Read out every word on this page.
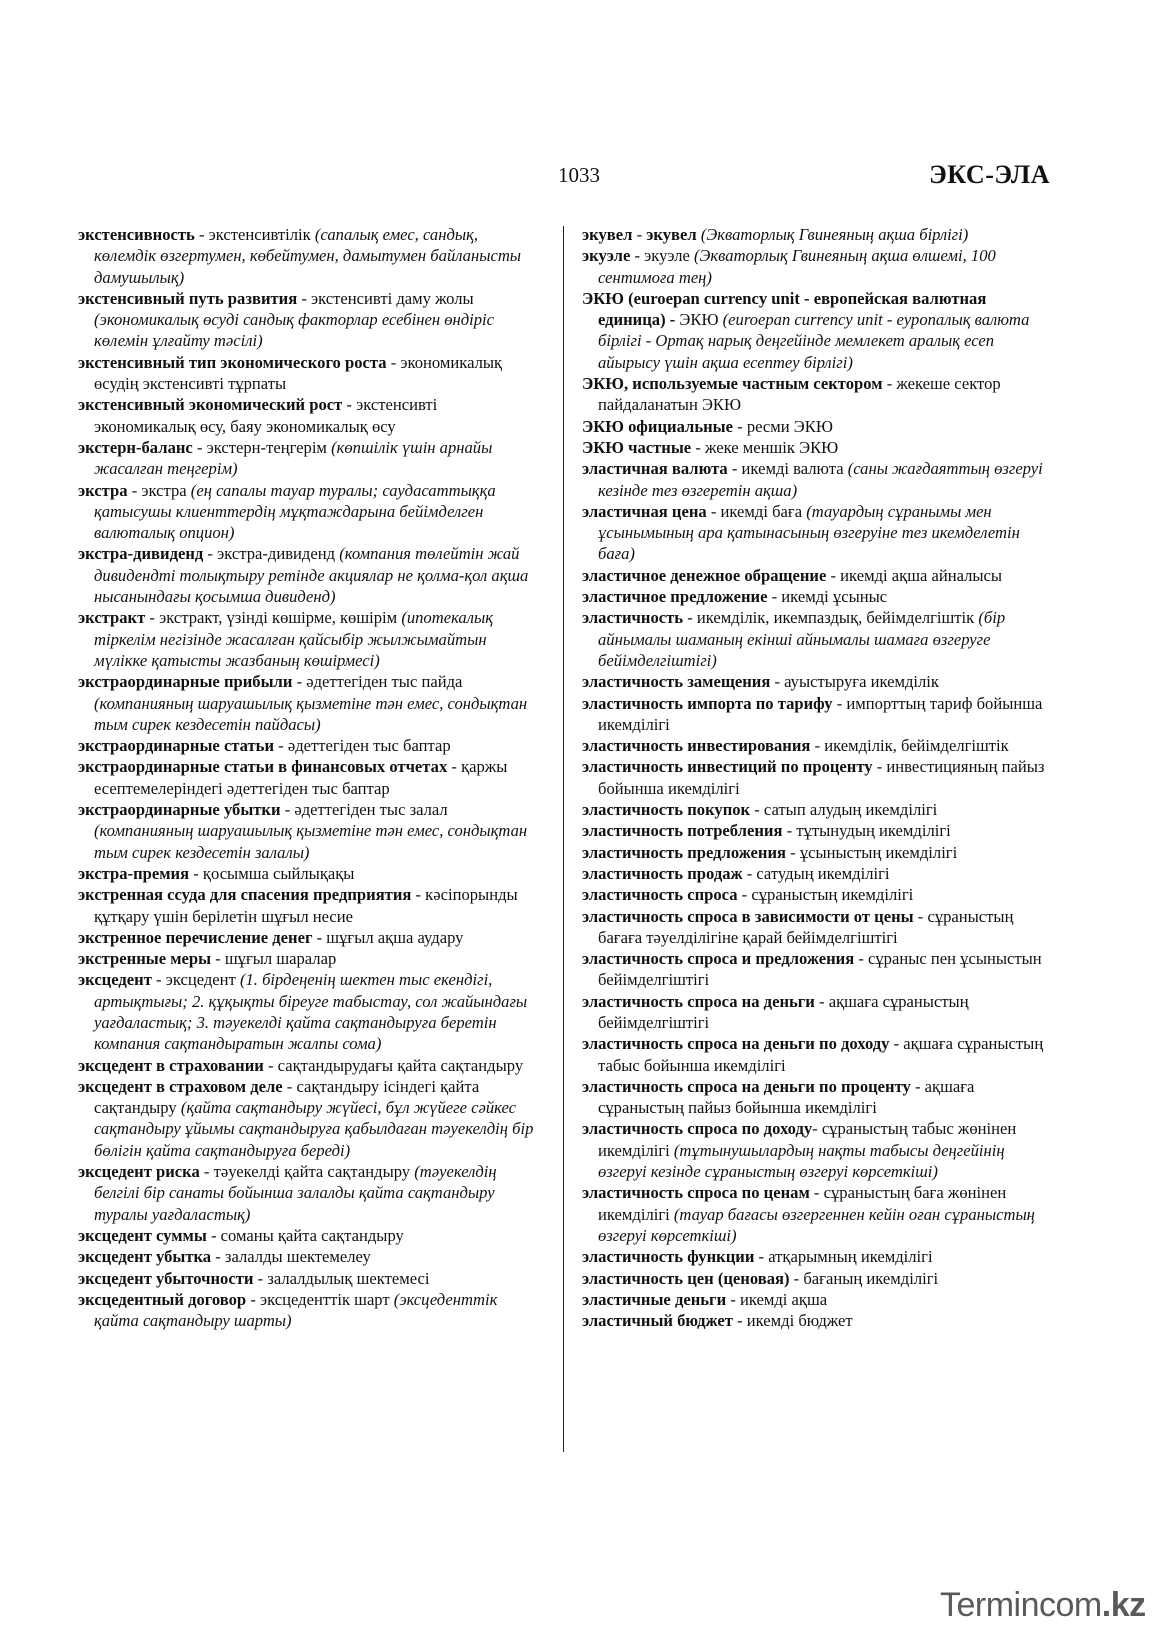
1033	ЭКС-ЭЛА

экстенсивность - экстенсивтілік (сапалық емес, сандық, көлемдік өзгертумен, көбейтумен, дамытумен байланысты дамушылық)

экстенсивный путь развития - экстенсивті даму жолы (экономикалық өсуді сандық факторлар есебінен өндіріс көлемін ұлғайту тәсілі)

экстенсивный тип экономического роста - экономикалық өсудің экстенсивті тұрпаты

экстенсивный экономический рост - экстенсивті экономикалық өсу, баяу экономикалық өсу

экстерн-баланс - экстерн-теңгерім (көпшілік үшін арнайы жасалған теңгерім)

экстра - экстра (ең сапалы тауар туралы; саудасаттыққа қатысушы клиенттердің мұқтаждарына бейімделген валюталық опцион)

экстра-дивиденд - экстра-дивиденд (компания төлейтін жай дивидендті толықтыру ретінде акциялар не қолма-қол ақша нысанындағы қосымша дивиденд)

экстракт - экстракт, үзінді көшірме, көшірім (ипотекалық тіркелім негізінде жасалған қайсыбір жылжымайтын мүлікке қатысты жазбаның көшірмесі)

экстраординарные прибыли - әдеттегіден тыс пайда (компанияның шаруашылық қызметіне тән емес, сондықтан тым сирек кездесетін пайдасы)

экстраординарные статьи - әдеттегіден тыс баптар

экстраординарные статьи в финансовых отчетах - қаржы есептемелеріндегі әдеттегіден тыс баптар

экстраординарные убытки - әдеттегіден тыс залал (компанияның шаруашылық қызметіне тән емес, сондықтан тым сирек кездесетін залалы)

экстра-премия - қосымша сыйлықақы

экстренная ссуда для спасения предприятия - кәсіпорынды құтқару үшін берілетін шұғыл несие

экстренное перечисление денег - шұғыл ақша аудару

экстренные меры - шұғыл шаралар

эксцедент - эксцедент (1. бірдеңенің шектен тыс екендігі, артықтығы; 2. құқықты біреуге табыстау, сол жайындағы уағдаластық; 3. тәуекелді қайта сақтандыруға беретін компания сақтандыратын жалпы сома)

эксцедент в страховании - сақтандырудағы қайта сақтандыру

эксцедент в страховом деле - сақтандыру ісіндегі қайта сақтандыру (қайта сақтандыру жүйесі, бұл жүйеге сәйкес сақтандыру ұйымы сақтандыруға қабылдаған тәуекелдің бір бөлігін қайта сақтандыруға береді)

эксцедент риска - тәуекелді қайта сақтандыру (тәуекелдің белгілі бір санаты бойынша залалды қайта сақтандыру туралы уағдаластық)

эксцедент суммы - соманы қайта сақтандыру

эксцедент убытка - залалды шектемелеу

эксцедент убыточности - залалдылық шектемесі

эксцедентный договор - эксцеденттік шарт (эксцеденттік қайта сақтандыру шарты)

экувел - экувел (Экваторлық Гвинеяның ақша бірлігі)

экуэле - экуэле (Экваторлық Гвинеяның ақша өлшемі, 100 сентимоға тең)

ЭКЮ (euroepan currency unit - европейская валютная единица) - ЭКЮ (euroepan currency unit - еуропалық валюта бірлігі - Ортақ нарық деңгейінде мемлекет аралық есеп айырысу үшін ақша есептеу бірлігі)

ЭКЮ, используемые частным сектором - жекеше сектор пайдаланатын ЭКЮ

ЭКЮ официальные - ресми ЭКЮ

ЭКЮ частные - жеке меншік ЭКЮ

эластичная валюта - икемді валюта (саны жағдаяттың өзгеруі кезінде тез өзгеретін ақша)

эластичная цена - икемді баға (тауардың сұранымы мен ұсынымының ара қатынасының өзгеруіне тез икемделетін баға)

эластичное денежное обращение - икемді ақша айналысы

эластичное предложение - икемді ұсыныс

эластичность - икемділік, икемпаздық, бейімделгіштік (бір айнымалы шаманың екінші айнымалы шамаға өзгеруге бейімделгіштігі)

эластичность замещения - ауыстыруға икемділік

эластичность импорта по тарифу - импорттың тариф бойынша икемділігі

эластичность инвестирования - икемділік, бейімделгіштік

эластичность инвестиций по проценту - инвестицияның пайыз бойынша икемділігі

эластичность покупок - сатып алудың икемділігі

эластичность потребления - тұтынудың икемділігі

эластичность предложения - ұсыныстың икемділігі

эластичность продаж - сатудың икемділігі

эластичность спроса - сұраныстың икемділігі

эластичность спроса в зависимости от цены - сұраныстың бағаға тәуелділігіне қарай бейімделгіштігі

эластичность спроса и предложения - сұраныс пен ұсыныстын бейімделгіштігі

эластичность спроса на деньги - ақшаға сұраныстың бейімделгіштігі

эластичность спроса на деньги по доходу - ақшаға сұраныстың табыс бойынша икемділігі

эластичность спроса на деньги по проценту - ақшаға сұраныстың пайыз бойынша икемділігі

эластичность спроса по доходу- сұраныстың табыс жөнінен икемділігі (тұтынушылардың нақты табысы деңгейінің өзгеруі кезінде сұраныстың өзгеруі көрсеткіші)

эластичность спроса по ценам - сұраныстың баға жөнінен икемділігі (тауар бағасы өзгергеннен кейін оған сұраныстың өзгеруі көрсеткіші)

эластичность функции - атқарымның икемділігі

эластичность цен (ценовая) - бағаның икемділігі

эластичные деньги - икемді ақша

эластичный бюджет - икемді бюджет

Termincom.kz
